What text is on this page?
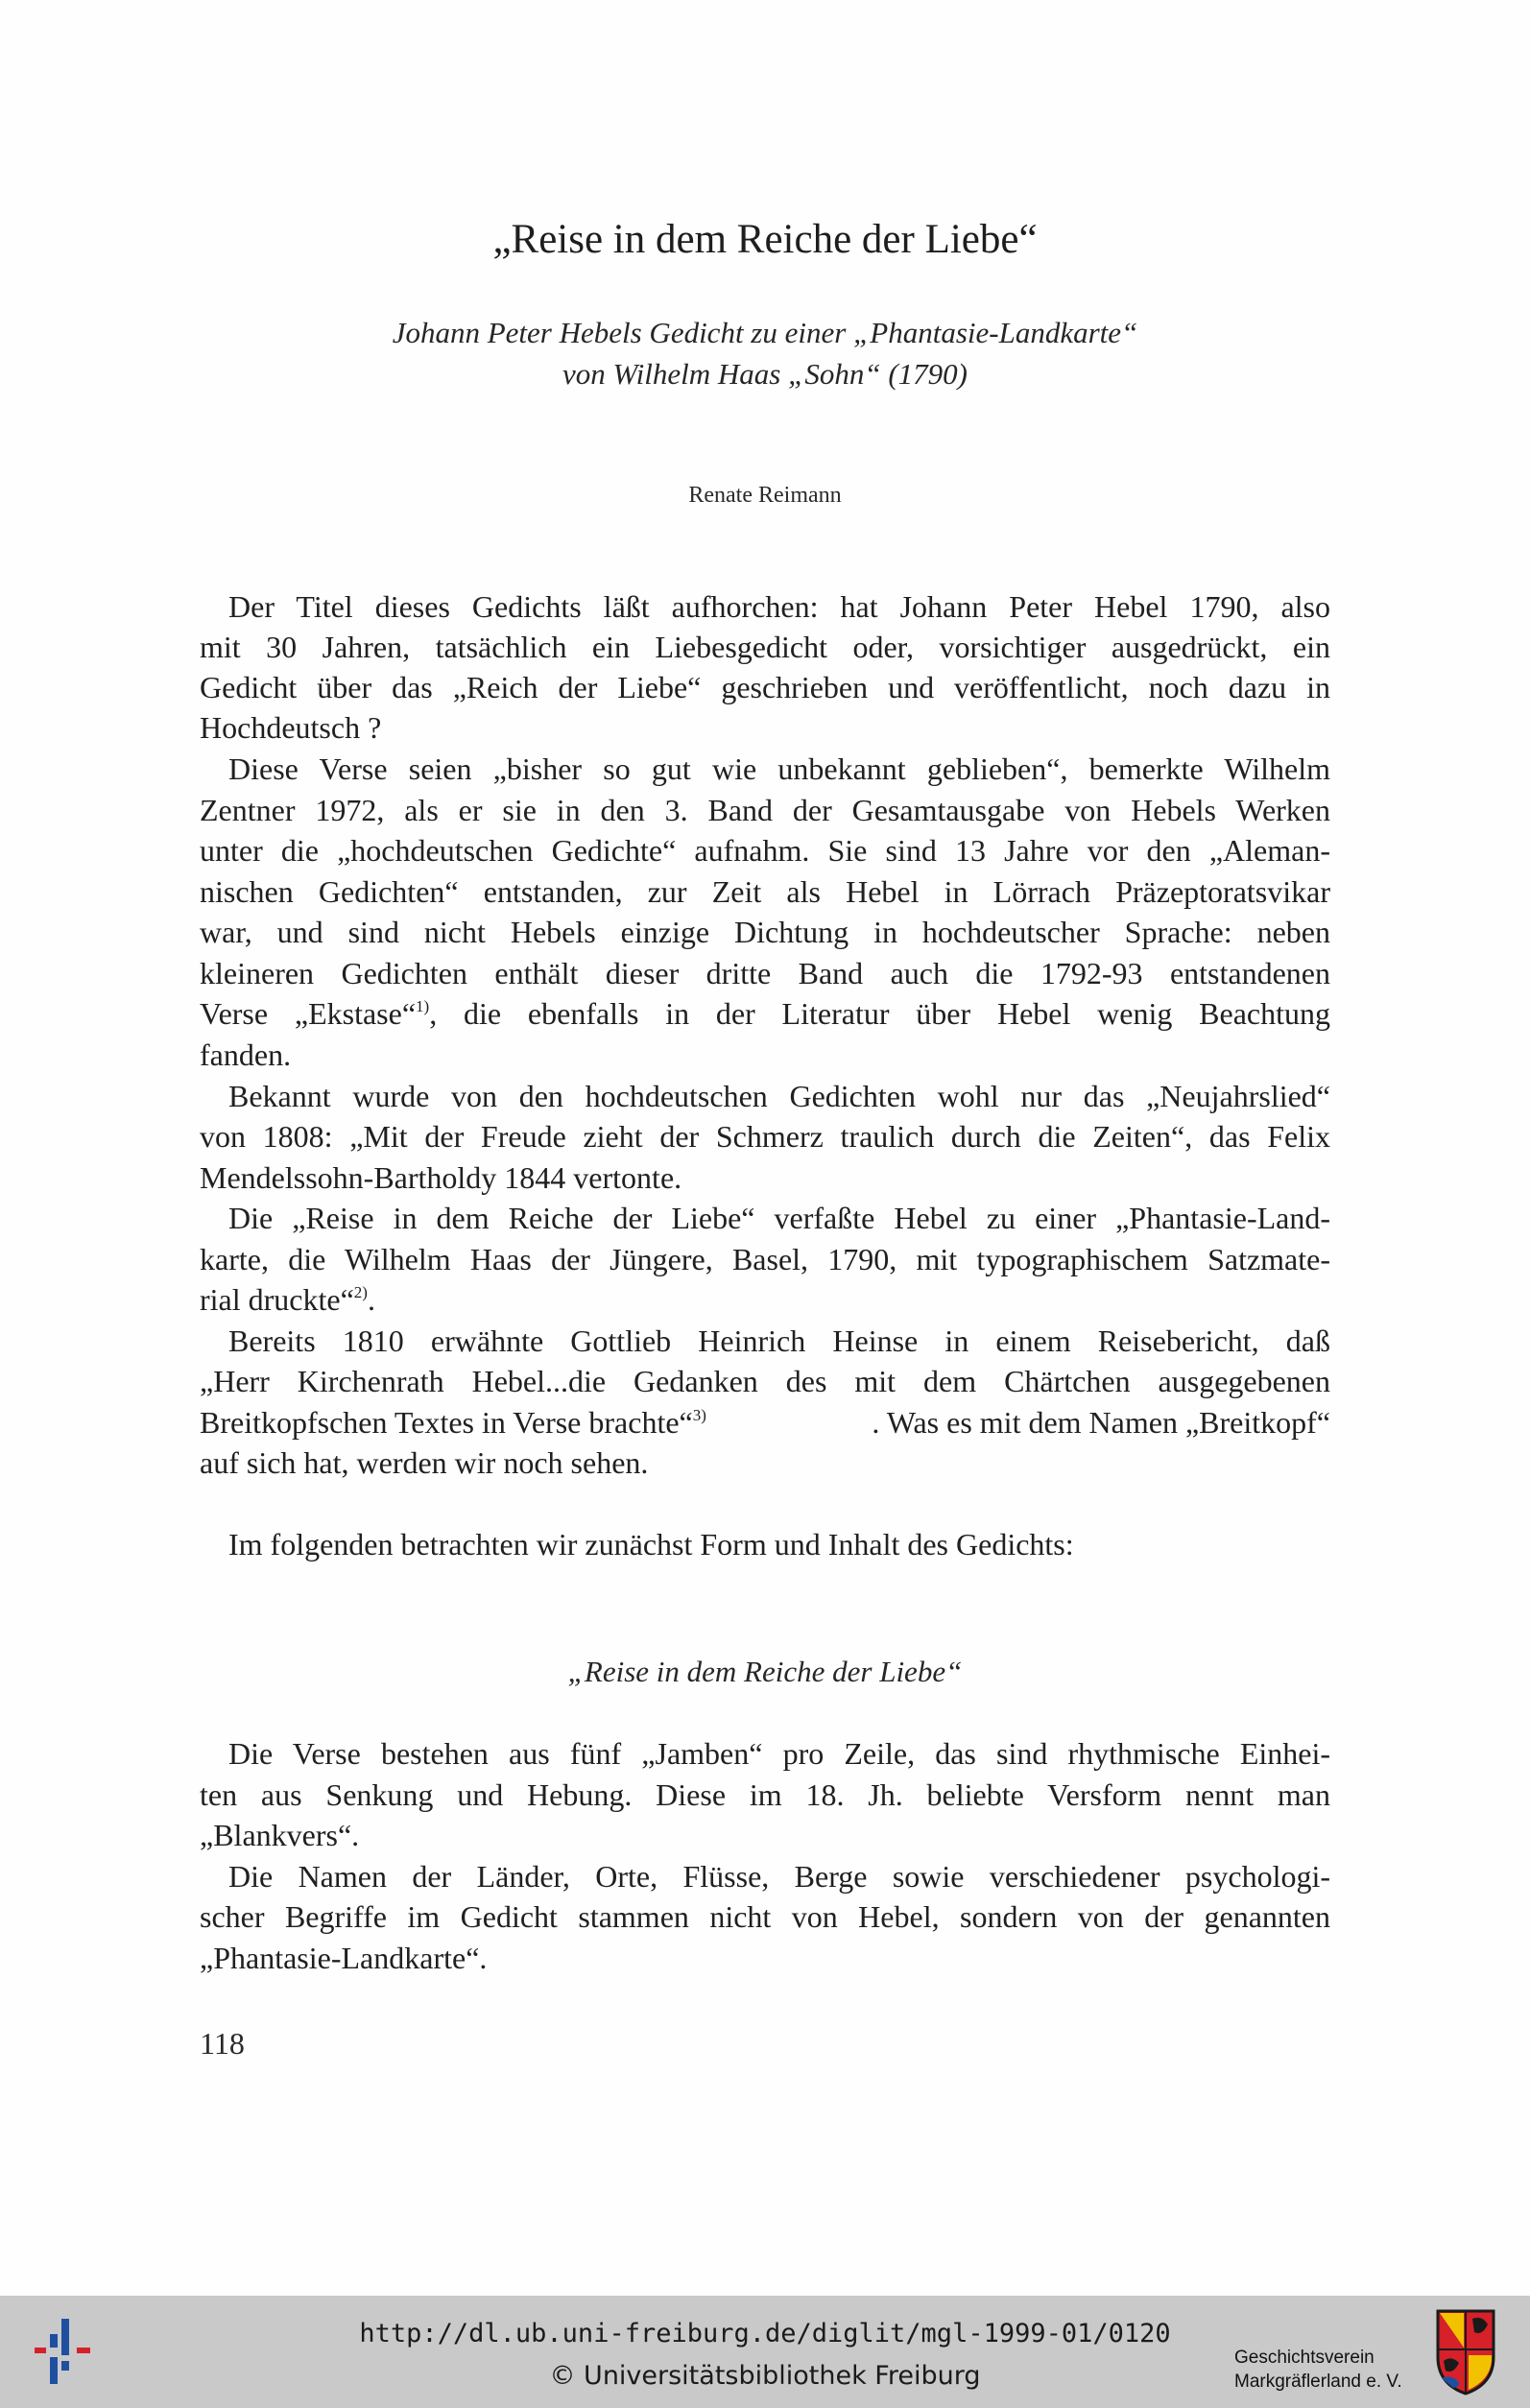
„Reise in dem Reiche der Liebe“
Johann Peter Hebels Gedicht zu einer „Phantasie-Landkarte“
von Wilhelm Haas „Sohn“ (1790)
Renate Reimann
Der Titel dieses Gedichts läßt aufhorchen: hat Johann Peter Hebel 1790, also
mit 30 Jahren, tatsächlich ein Liebesgedicht oder, vorsichtiger ausgedrückt, ein
Gedicht über das „Reich der Liebe“ geschrieben und veröffentlicht, noch dazu in
Hochdeutsch ?
Diese Verse seien „bisher so gut wie unbekannt geblieben“, bemerkte Wilhelm
Zentner 1972, als er sie in den 3. Band der Gesamtausgabe von Hebels Werken
unter die „hochdeutschen Gedichte“ aufnahm. Sie sind 13 Jahre vor den „Aleman-
nischen Gedichten“ entstanden, zur Zeit als Hebel in Lörrach Präzeptoratsvikar
war, und sind nicht Hebels einzige Dichtung in hochdeutscher Sprache: neben
kleineren Gedichten enthält dieser dritte Band auch die 1792-93 entstandenen
Verse „Ekstase“$^{1)}$, die ebenfalls in der Literatur über Hebel wenig Beachtung
fanden.
Bekannt wurde von den hochdeutschen Gedichten wohl nur das „Neujahrslied“
von 1808: „Mit der Freude zieht der Schmerz traulich durch die Zeiten“, das Felix
Mendelssohn-Bartholdy 1844 vertonte.
Die „Reise in dem Reiche der Liebe“ verfaßte Hebel zu einer „Phantasie-Land-
karte, die Wilhelm Haas der Jüngere, Basel, 1790, mit typographischem Satzmate-
rial druckte“$^{2)}$.
Bereits 1810 erwähnte Gottlieb Heinrich Heinse in einem Reisebericht, daß
„Herr Kirchenrath Hebel...die Gedanken des mit dem Chärtchen ausgegebenen
Breitkopfschen Textes in Verse brachte“$^{3)}$	. Was es mit dem Namen „Breitkopf“
auf sich hat, werden wir noch sehen.
Im folgenden betrachten wir zunächst Form und Inhalt des Gedichts:
„Reise in dem Reiche der Liebe“
Die Verse bestehen aus fünf „Jamben“ pro Zeile, das sind rhythmische Einhei-
ten aus Senkung und Hebung. Diese im 18. Jh. beliebte Versform nennt man
„Blankvers“.
Die Namen der Länder, Orte, Flüsse, Berge sowie verschiedener psychologi-
scher Begriffe im Gedicht stammen nicht von Hebel, sondern von der genannten
„Phantasie-Landkarte“.
118
http://dl.ub.uni-freiburg.de/diglit/mgl-1999-01/0120
© Universitätsbibliothek Freiburg
Geschichtsverein
Markgräflerland e. V.
